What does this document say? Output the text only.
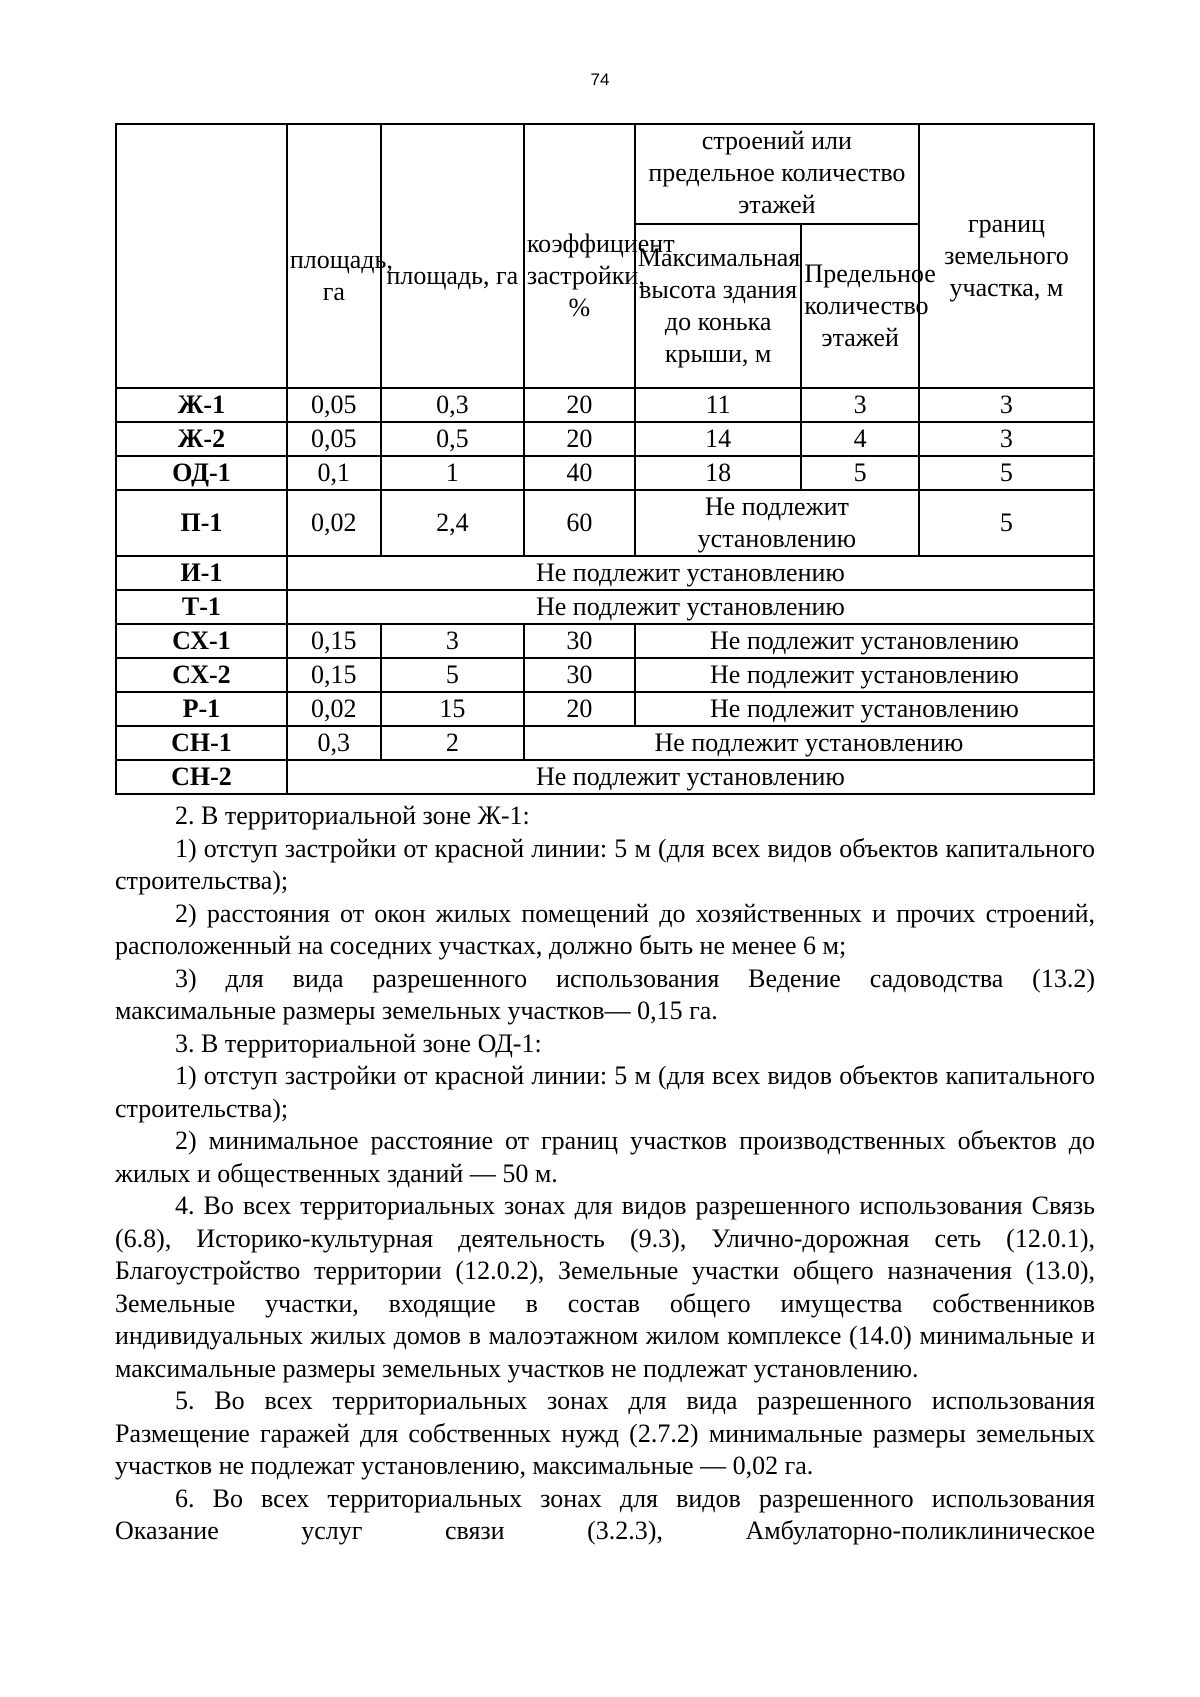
74
	площадь, га	площадь, га	коэффициент застройки, %	строений или предельное количество этажей		границ земельного участка, м
				Максимальная высота здания до конька крыши, м	Предельное количество этажей	
Ж-1	0,05	0,3	20	11	3	3
Ж-2	0,05	0,5	20	14	4	3
ОД-1	0,1	1	40	18	5	5
П-1	0,02	2,4	60	Не подлежит установлению		5
И-1	Не подлежит установлению					
Т-1	Не подлежит установлению					
СХ-1	0,15	3	30	Не подлежит установлению		
СХ-2	0,15	5	30	Не подлежит установлению		
Р-1	0,02	15	20	Не подлежит установлению		
СН-1	0,3	2	Не подлежит установлению			
СН-2	Не подлежит установлению					

2. В территориальной зоне Ж-1:

1) отступ застройки от красной линии: 5 м (для всех видов объектов капитального строительства);

2) расстояния от окон жилых помещений до хозяйственных и прочих строений, расположенный на соседних участках, должно быть не менее 6 м;

3) для вида разрешенного использования Ведение садоводства (13.2) максимальные размеры земельных участков— 0,15 га.

3. В территориальной зоне ОД-1:

1) отступ застройки от красной линии: 5 м (для всех видов объектов капитального строительства);

2) минимальное расстояние от границ участков производственных объектов до жилых и общественных зданий — 50 м.

4. Во всех территориальных зонах для видов разрешенного использования Связь (6.8), Историко-культурная деятельность (9.3), Улично-дорожная сеть (12.0.1), Благоустройство территории (12.0.2), Земельные участки общего назначения (13.0), Земельные участки, входящие в состав общего имущества собственников индивидуальных жилых домов в малоэтажном жилом комплексе (14.0) минимальные и максимальные размеры земельных участков не подлежат установлению.

5. Во всех территориальных зонах для вида разрешенного использования Размещение гаражей для собственных нужд (2.7.2) минимальные размеры земельных участков не подлежат установлению, максимальные — 0,02 га.

6. Во всех территориальных зонах для видов разрешенного использования Оказание услуг связи (3.2.3), Амбулаторно-поликлиническое
